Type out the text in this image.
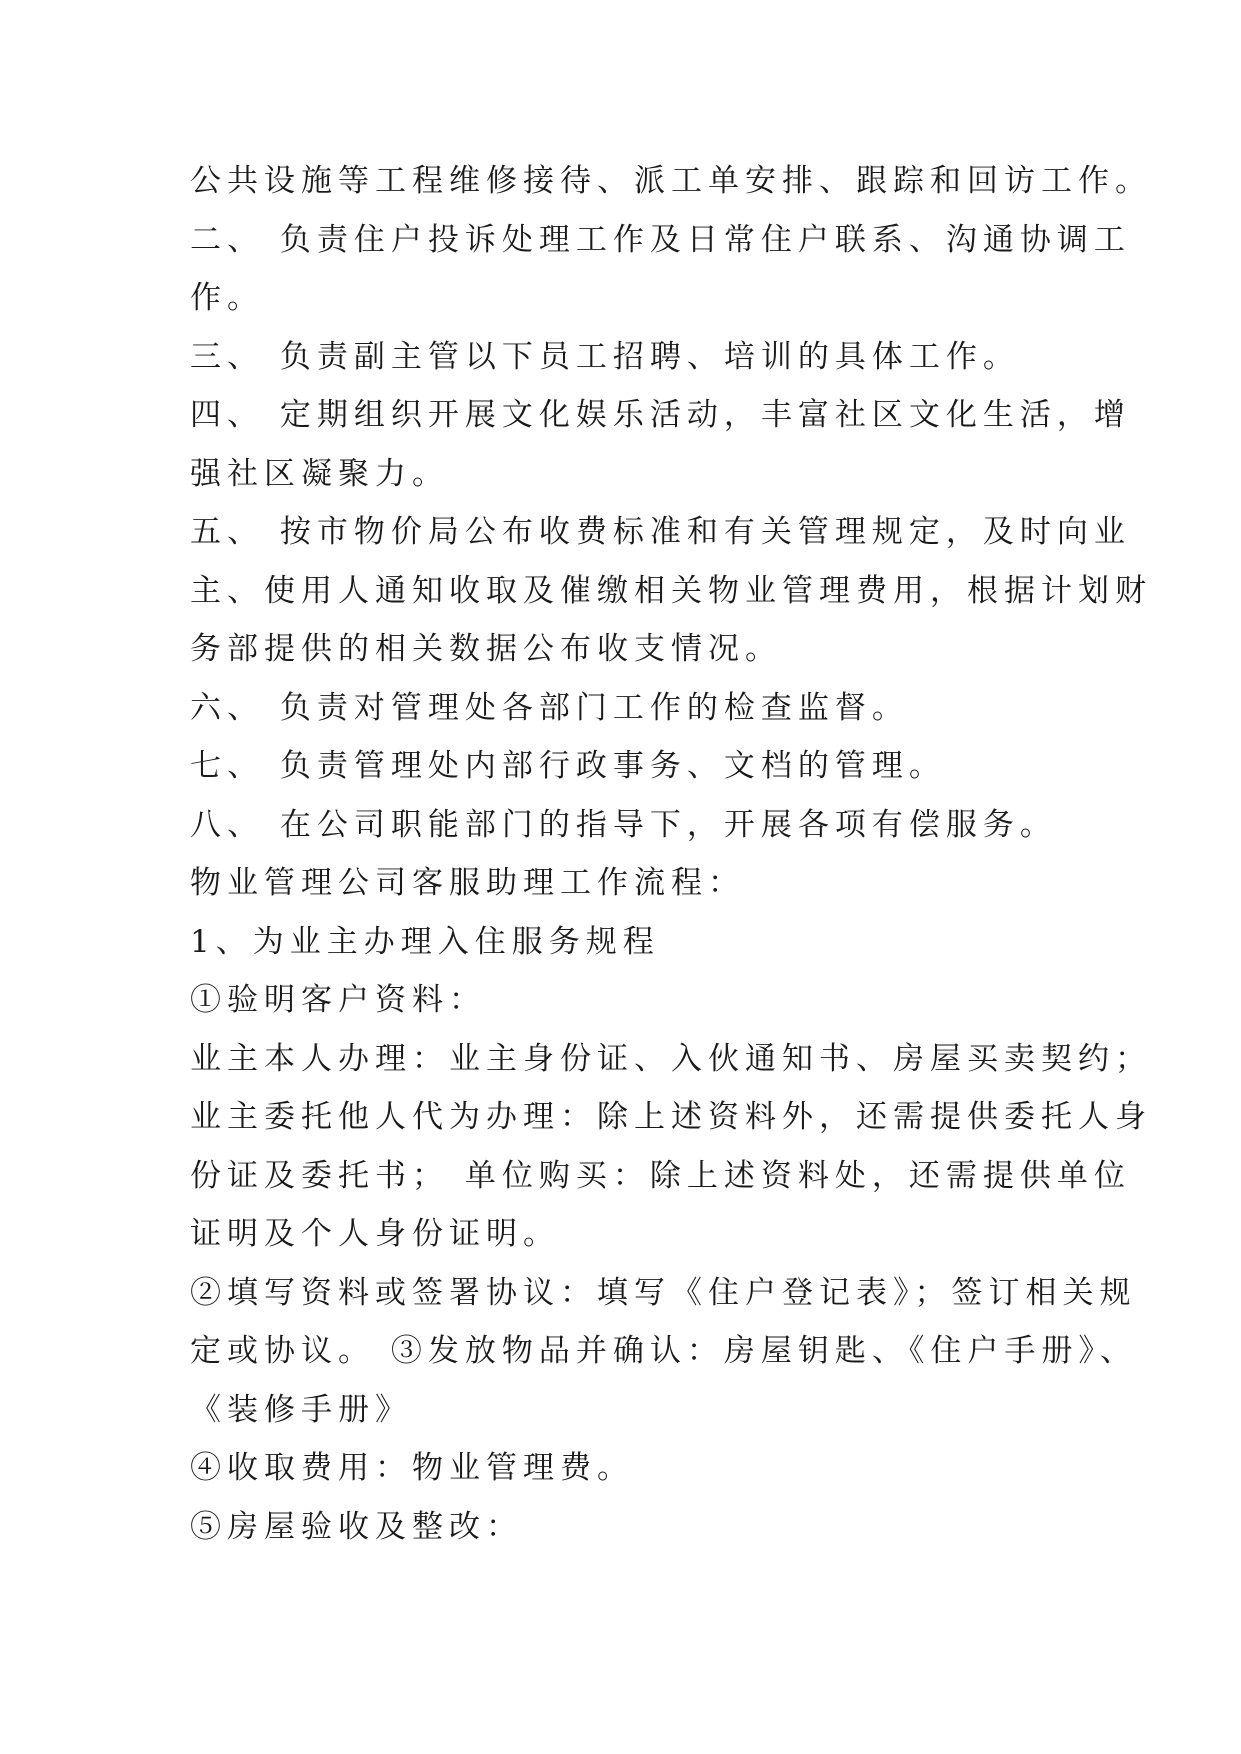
公共设施等工程维修接待、派工单安排、跟踪和回访工作。
二、 负责住户投诉处理工作及日常住户联系、沟通协调工
作。
三、 负责副主管以下员工招聘、培训的具体工作。
四、 定期组织开展文化娱乐活动，丰富社区文化生活，增
强社区凝聚力。
五、 按市物价局公布收费标准和有关管理规定，及时向业
主、使用人通知收取及催缴相关物业管理费用，根据计划财
务部提供的相关数据公布收支情况。
六、 负责对管理处各部门工作的检查监督。
七、 负责管理处内部行政事务、文档的管理。
八、 在公司职能部门的指导下，开展各项有偿服务。
物业管理公司客服助理工作流程：
1、为业主办理入住服务规程
①验明客户资料：
业主本人办理：业主身份证、入伙通知书、房屋买卖契约；
业主委托他人代为办理：除上述资料外，还需提供委托人身
份证及委托书； 单位购买：除上述资料处，还需提供单位
证明及个人身份证明。
②填写资料或签署协议：填写《住户登记表》；签订相关规
定或协议。 ③发放物品并确认：房屋钥匙、《住户手册》、
《装修手册》
④收取费用：物业管理费。
⑤房屋验收及整改：
